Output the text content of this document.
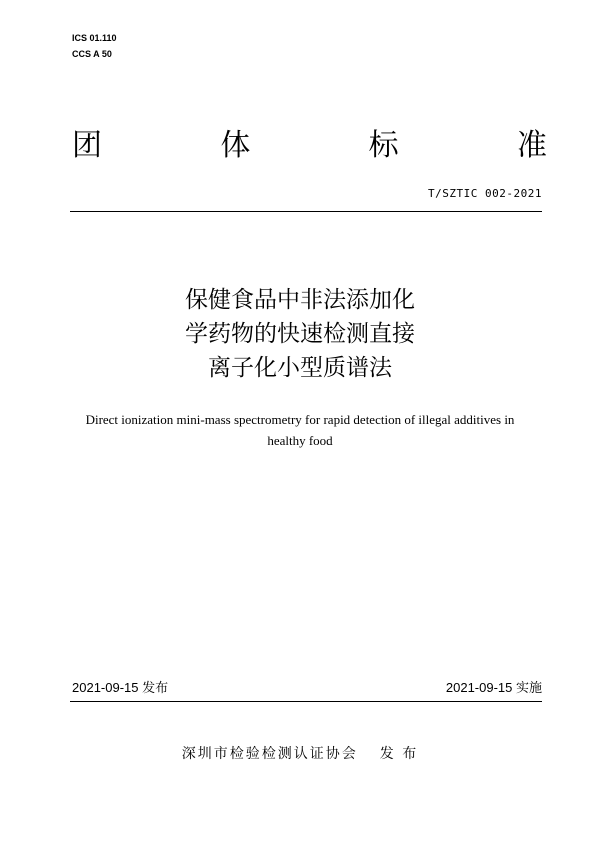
ICS 01.110
CCS A 50
团	体	标	准
T/SZTIC 002-2021
保健食品中非法添加化
学药物的快速检测直接
离子化小型质谱法
Direct ionization mini-mass spectrometry for rapid detection of illegal additives in
healthy food
2021-09-15 发布	2021-09-15 实施
深圳市检验检测认证协会 发 布
